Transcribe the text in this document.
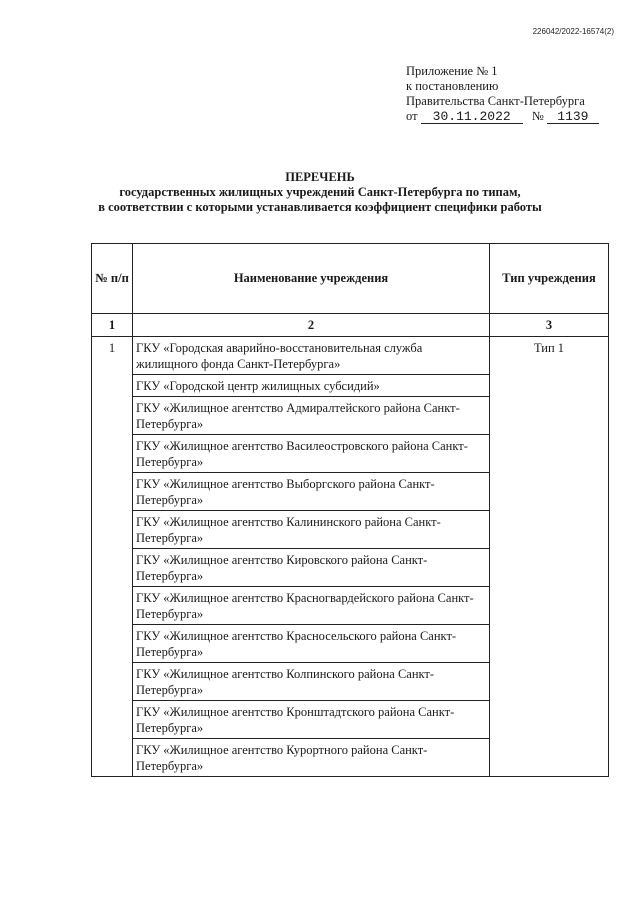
226042/2022-16574(2)
Приложение № 1
к постановлению
Правительства Санкт-Петербурга
от 30.11.2022 № 1139
ПЕРЕЧЕНЬ
государственных жилищных учреждений Санкт-Петербурга по типам,
в соответствии с которыми устанавливается коэффициент специфики работы
№ п/п	Наименование учреждения	Тип учреждения
1	2	3
1	ГКУ «Городская аварийно-восстановительная служба жилищного фонда Санкт-Петербурга»	Тип 1
	ГКУ «Городской центр жилищных субсидий»	
	ГКУ «Жилищное агентство Адмиралтейского района Санкт-Петербурга»	
	ГКУ «Жилищное агентство Василеостровского района Санкт-Петербурга»	
	ГКУ «Жилищное агентство Выборгского района Санкт-Петербурга»	
	ГКУ «Жилищное агентство Калининского района Санкт-Петербурга»	
	ГКУ «Жилищное агентство Кировского района Санкт-Петербурга»	
	ГКУ «Жилищное агентство Красногвардейского района Санкт-Петербурга»	
	ГКУ «Жилищное агентство Красносельского района Санкт-Петербурга»	
	ГКУ «Жилищное агентство Колпинского района Санкт-Петербурга»	
	ГКУ «Жилищное агентство Кронштадтского района Санкт-Петербурга»	
	ГКУ «Жилищное агентство Курортного района Санкт-Петербурга»	
